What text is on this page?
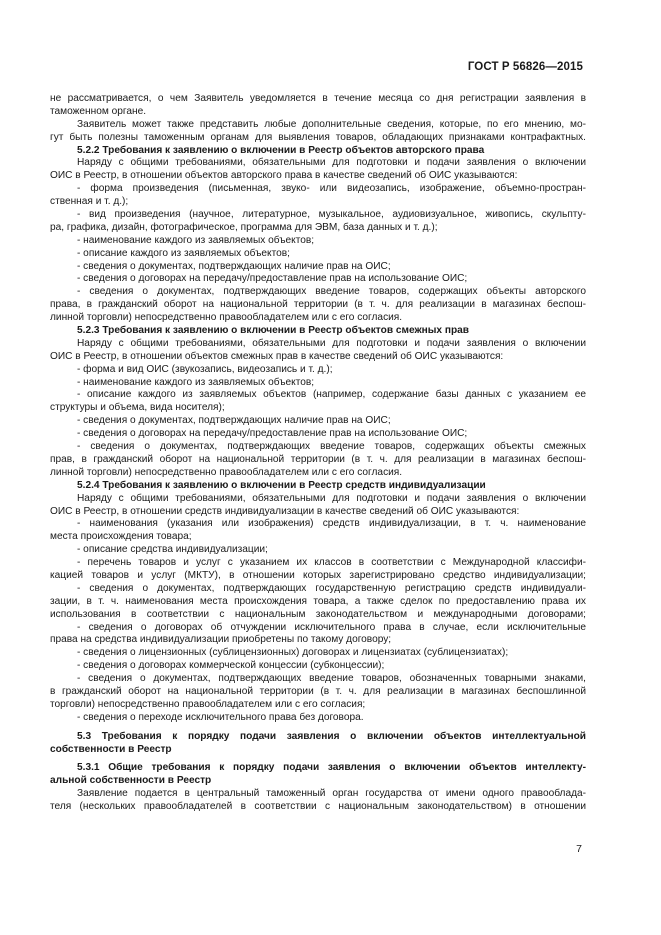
ГОСТ Р 56826—2015
не рассматривается, о чем Заявитель уведомляется в течение месяца со дня регистрации заявления в
таможенном органе.
Заявитель может также представить любые дополнительные сведения, которые, по его мнению, мо-
гут быть полезны таможенным органам для выявления товаров, обладающих признаками контрафактных.
5.2.2 Требования к заявлению о включении в Реестр объектов авторского права
Наряду с общими требованиями, обязательными для подготовки и подачи заявления о включении
ОИС в Реестр, в отношении объектов авторского права в качестве сведений об ОИС указываются:
- форма произведения (письменная, звуко- или видеозапись, изображение, объемно-простран-
ственная и т. д.);
- вид произведения (научное, литературное, музыкальное, аудиовизуальное, живопись, скульпту-
ра, графика, дизайн, фотографическое, программа для ЭВМ, база данных и т. д.);
- наименование каждого из заявляемых объектов;
- описание каждого из заявляемых объектов;
- сведения о документах, подтверждающих наличие прав на ОИС;
- сведения о договорах на передачу/предоставление прав на использование ОИС;
- сведения о документах, подтверждающих введение товаров, содержащих объекты авторского
права, в гражданский оборот на национальной территории (в т. ч. для реализации в магазинах беспош-
линной торговли) непосредственно правообладателем или с его согласия.
5.2.3 Требования к заявлению о включении в Реестр объектов смежных прав
Наряду с общими требованиями, обязательными для подготовки и подачи заявления о включении
ОИС в Реестр, в отношении объектов смежных прав в качестве сведений об ОИС указываются:
- форма и вид ОИС (звукозапись, видеозапись и т. д.);
- наименование каждого из заявляемых объектов;
- описание каждого из заявляемых объектов (например, содержание базы данных с указанием ее
структуры и объема, вида носителя);
- сведения о документах, подтверждающих наличие прав на ОИС;
- сведения о договорах на передачу/предоставление прав на использование ОИС;
- сведения о документах, подтверждающих введение товаров, содержащих объекты смежных
прав, в гражданский оборот на национальной территории (в т. ч. для реализации в магазинах беспош-
линной торговли) непосредственно правообладателем или с его согласия.
5.2.4 Требования к заявлению о включении в Реестр средств индивидуализации
Наряду с общими требованиями, обязательными для подготовки и подачи заявления о включении
ОИС в Реестр, в отношении средств индивидуализации в качестве сведений об ОИС указываются:
- наименования (указания или изображения) средств индивидуализации, в т. ч. наименование
места происхождения товара;
- описание средства индивидуализации;
- перечень товаров и услуг с указанием их классов в соответствии с Международной классифи-
кацией товаров и услуг (МКТУ), в отношении которых зарегистрировано средство индивидуализации;
- сведения о документах, подтверждающих государственную регистрацию средств индивидуали-
зации, в т. ч. наименования места происхождения товара, а также сделок по предоставлению права их
использования в соответствии с национальным законодательством и международными договорами;
- сведения о договорах об отчуждении исключительного права в случае, если исключительные
права на средства индивидуализации приобретены по такому договору;
- сведения о лицензионных (сублицензионных) договорах и лицензиатах (сублицензиатах);
- сведения о договорах коммерческой концессии (субконцессии);
- сведения о документах, подтверждающих введение товаров, обозначенных товарными знаками,
в гражданский оборот на национальной территории (в т. ч. для реализации в магазинах беспошлинной
торговли) непосредственно правообладателем или с его согласия;
- сведения о переходе исключительного права без договора.
5.3 Требования к порядку подачи заявления о включении объектов интеллектуальной
собственности в Реестр
5.3.1 Общие требования к порядку подачи заявления о включении объектов интеллекту-
альной собственности в Реестр
Заявление подается в центральный таможенный орган государства от имени одного правооблада-
теля (нескольких правообладателей в соответствии с национальным законодательством) в отношении
7
